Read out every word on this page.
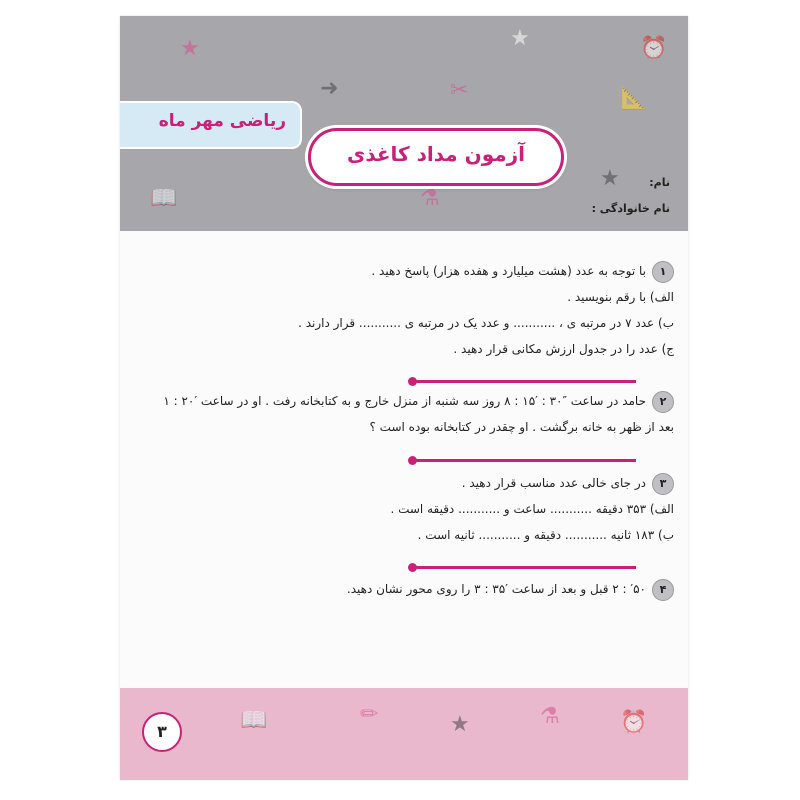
➜	✂
★
📐
★
⚗
📖
⏰
★
ریاضی مهر ماه
آزمون مداد کاغذی
نام:
نام خانوادگی :
۱با توجه به عدد (هشت میلیارد و هفده هزار) پاسخ دهید .
الف) با رقم بنویسید .
ب) عدد ۷ در مرتبه ی ، ........... و عدد یک در مرتبه ی ........... قرار دارند .
ج) عدد را در جدول ارزش مکانی قرار دهید .
۲حامد در ساعت ″۳۰ : ′۱۵ : ۸ روز سه شنبه از منزل خارج و به کتابخانه رفت . او در ساعت ′۲۰ : ۱
بعد از ظهر به خانه برگشت . او چقدر در کتابخانه بوده است ؟
۳در جای خالی عدد مناسب قرار دهید .
الف) ۳۵۳ دقیقه ........... ساعت و ........... دقیقه است .
ب) ۱۸۳ ثانیه ........... دقیقه و ........... ثانیه است .
۴′۵۰ : ۲ قبل و بعد از ساعت ′۳۵ : ۳ را روی محور نشان دهید.
📖	✏	★	⚗	⏰
۳
